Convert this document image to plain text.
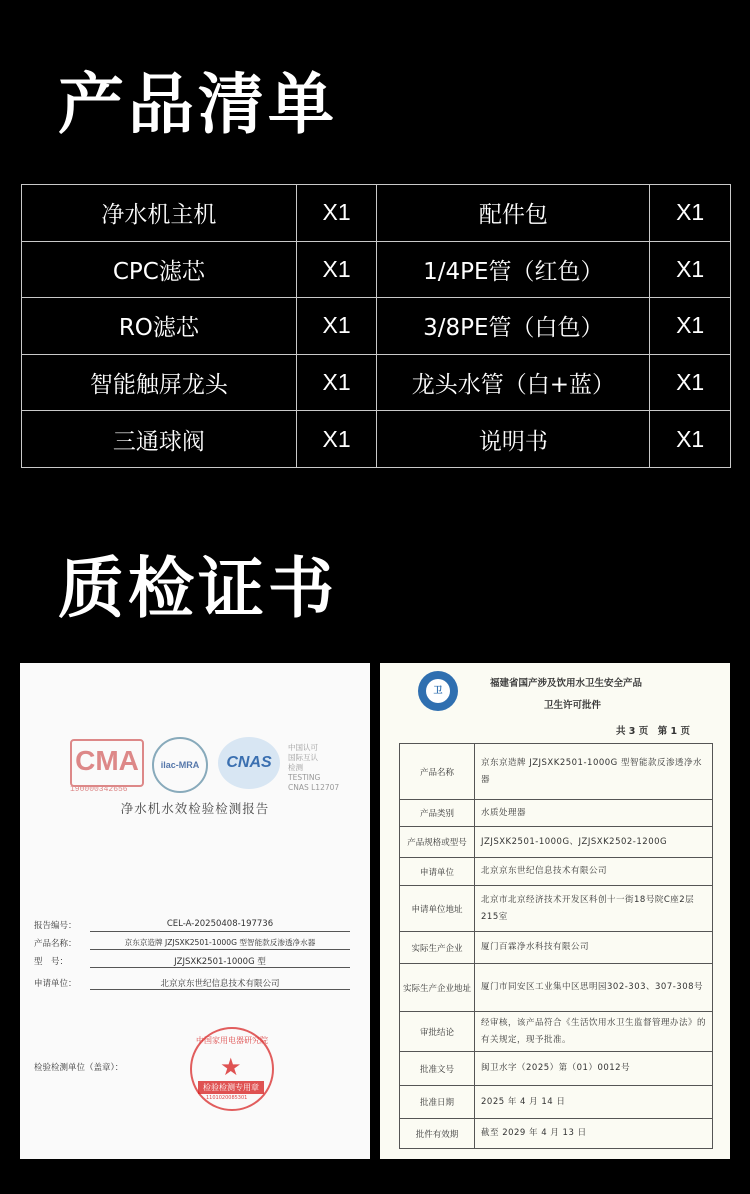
产品清单
净水机主机	X1	配件包	X1
CPC滤芯	X1	1/4PE管（红色）	X1
RO滤芯	X1	3/8PE管（白色）	X1
智能触屏龙头	X1	龙头水管（白+蓝）	X1
三通球阀	X1	说明书	X1
质检证书
CMA
190000342656
ilac-MRA	CNAS
中国认可
国际互认
检测
TESTING
CNAS L12707
净水机水效检验检测报告
报告编号：	CEL-A-20250408-197736
产品名称：	京东京造牌 JZJSXK2501-1000G 型智能款反渗透净水器
型　号：	JZJSXK2501-1000G 型
申请单位：	北京京东世纪信息技术有限公司
检验检测单位（盖章）：
中国家用电器研究院
★
检验检测专用章
1101020085301
卫
福建省国产涉及饮用水卫生安全产品
卫生许可批件
共 3 页　第 1 页
产品名称	京东京造牌 JZJSXK2501-1000G 型智能款反渗透净水器
产品类别	水质处理器
产品规格或型号	JZJSXK2501-1000G、JZJSXK2502-1200G
申请单位	北京京东世纪信息技术有限公司
申请单位地址	北京市北京经济技术开发区科创十一街18号院C座2层215室
实际生产企业	厦门百霖净水科技有限公司
实际生产企业地址	厦门市同安区工业集中区思明园302-303、307-308号
审批结论	经审核，该产品符合《生活饮用水卫生监督管理办法》的有关规定，现予批准。
批准文号	闽卫水字（2025）第（01）0012号
批准日期	2025 年 4 月 14 日
批件有效期	截至 2029 年 4 月 13 日
